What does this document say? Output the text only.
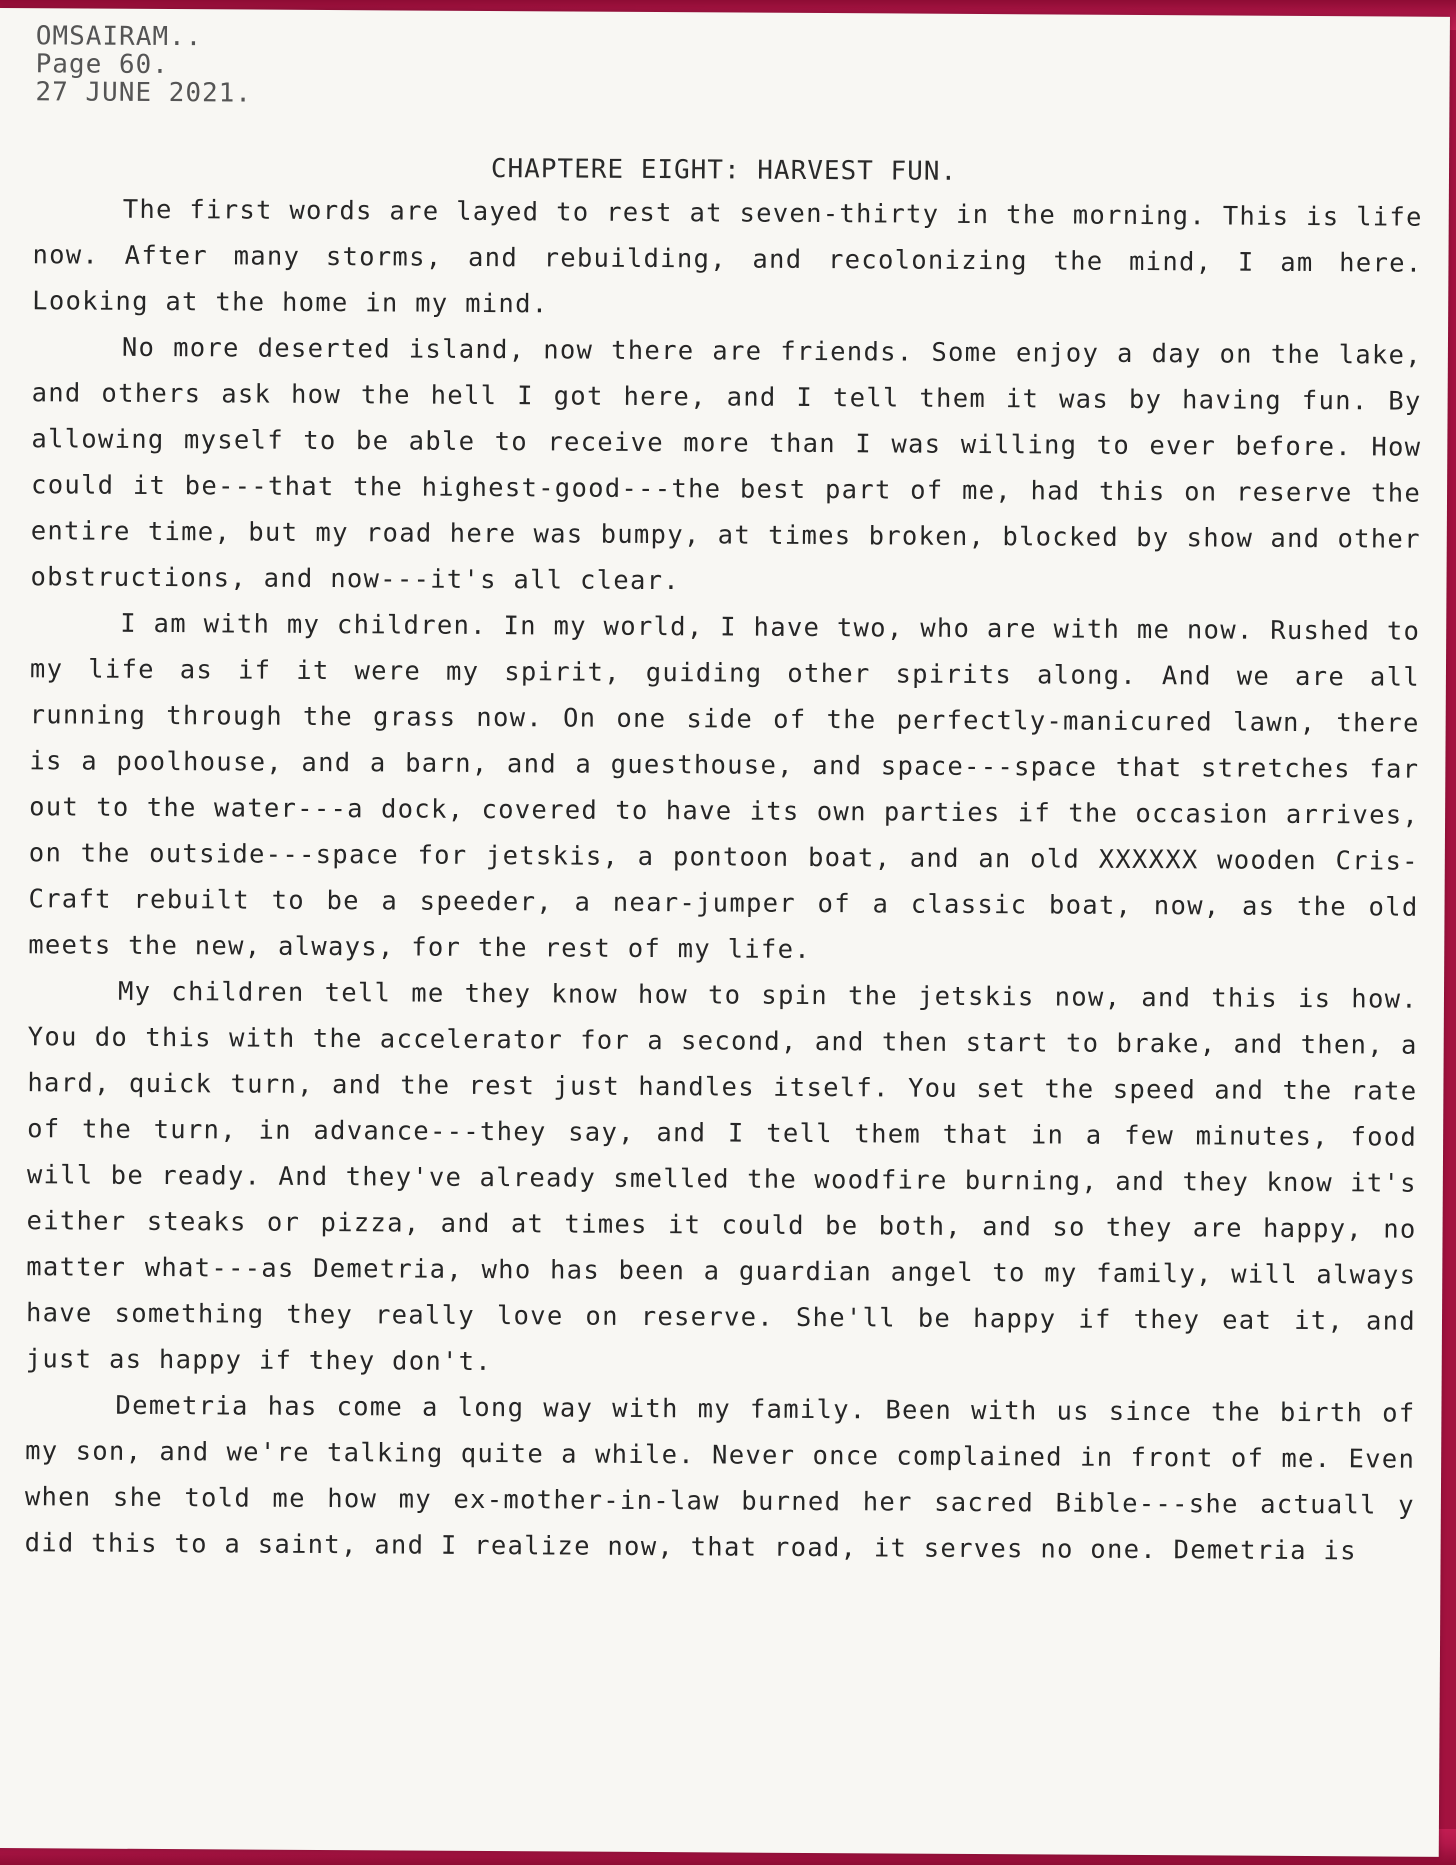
OMSAIRAM..
Page 60.
27 JUNE 2021.
CHAPTERE EIGHT: HARVEST FUN.

The first words are layed to rest at seven-thirty in the morning. This is life now. After many storms, and rebuilding, and recolonizing the mind, I am here. Looking at the home in my mind.

No more deserted island, now there are friends. Some enjoy a day on the lake, and others ask how the hell I got here, and I tell them it was by having fun. By allowing myself to be able to receive more than I was willing to ever before. How could it be---that the highest-good---the best part of me, had this on reserve the entire time, but my road here was bumpy, at times broken, blocked by show and other obstructions, and now---it's all clear.

I am with my children. In my world, I have two, who are with me now. Rushed to my life as if it were my spirit, guiding other spirits along. And we are all running through the grass now. On one side of the perfectly-manicured lawn, there is a poolhouse, and a barn, and a guesthouse, and space---space that stretches far out to the water---a dock, covered to have its own parties if the occasion arrives, on the outside---space for jetskis, a pontoon boat, and an old XXXXXX wooden Cris-Craft rebuilt to be a speeder, a near-jumper of a classic boat, now, as the old meets the new, always, for the rest of my life.

My children tell me they know how to spin the jetskis now, and this is how. You do this with the accelerator for a second, and then start to brake, and then, a hard, quick turn, and the rest just handles itself. You set the speed and the rate of the turn, in advance---they say, and I tell them that in a few minutes, food will be ready. And they've already smelled the woodfire burning, and they know it's either steaks or pizza, and at times it could be both, and so they are happy, no matter what---as Demetria, who has been a guardian angel to my family, will always have something they really love on reserve. She'll be happy if they eat it, and just as happy if they don't.

Demetria has come a long way with my family. Been with us since the birth of my son, and we're talking quite a while. Never once complained in front of me. Even when she told me how my ex-mother-in-law burned her sacred Bible---she actuall y did this to a saint, and I realize now, that road, it serves no one. Demetria is
